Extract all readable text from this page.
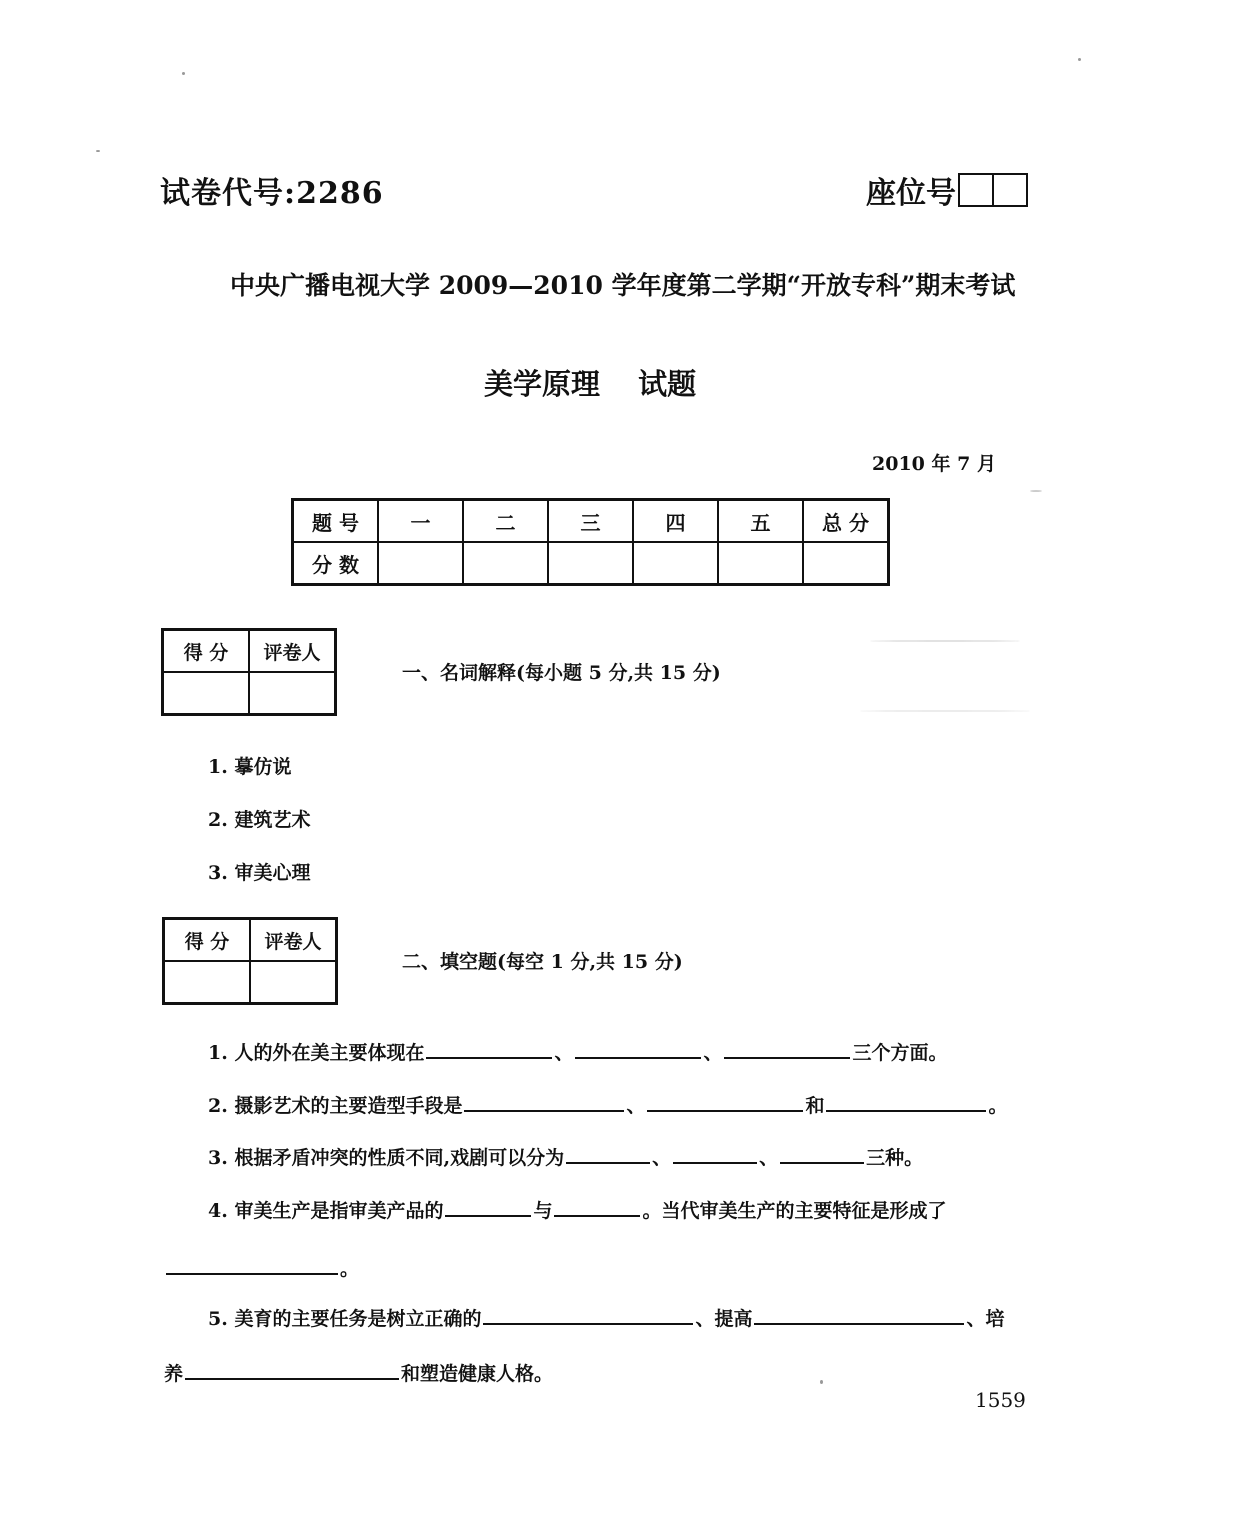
试卷代号:2286	座位号
中央广播电视大学 2009—2010 学年度第二学期“开放专科”期末考试
美学原理 试题
2010 年 7 月
题 号	一	二	三	四	五	总 分
分 数						
得 分	评卷人

一、名词解释(每小题 5 分,共 15 分)
1. 摹仿说
2. 建筑艺术
3. 审美心理
得 分	评卷人

二、填空题(每空 1 分,共 15 分)
1. 人的外在美主要体现在	、	、	三个方面。
2. 摄影艺术的主要造型手段是	、	和	。
3. 根据矛盾冲突的性质不同,戏剧可以分为	、	、	三种。
4. 审美生产是指审美产品的	与	。当代审美生产的主要特征是形成了
。
5. 美育的主要任务是树立正确的	、提高	、培
养	和塑造健康人格。
1559
